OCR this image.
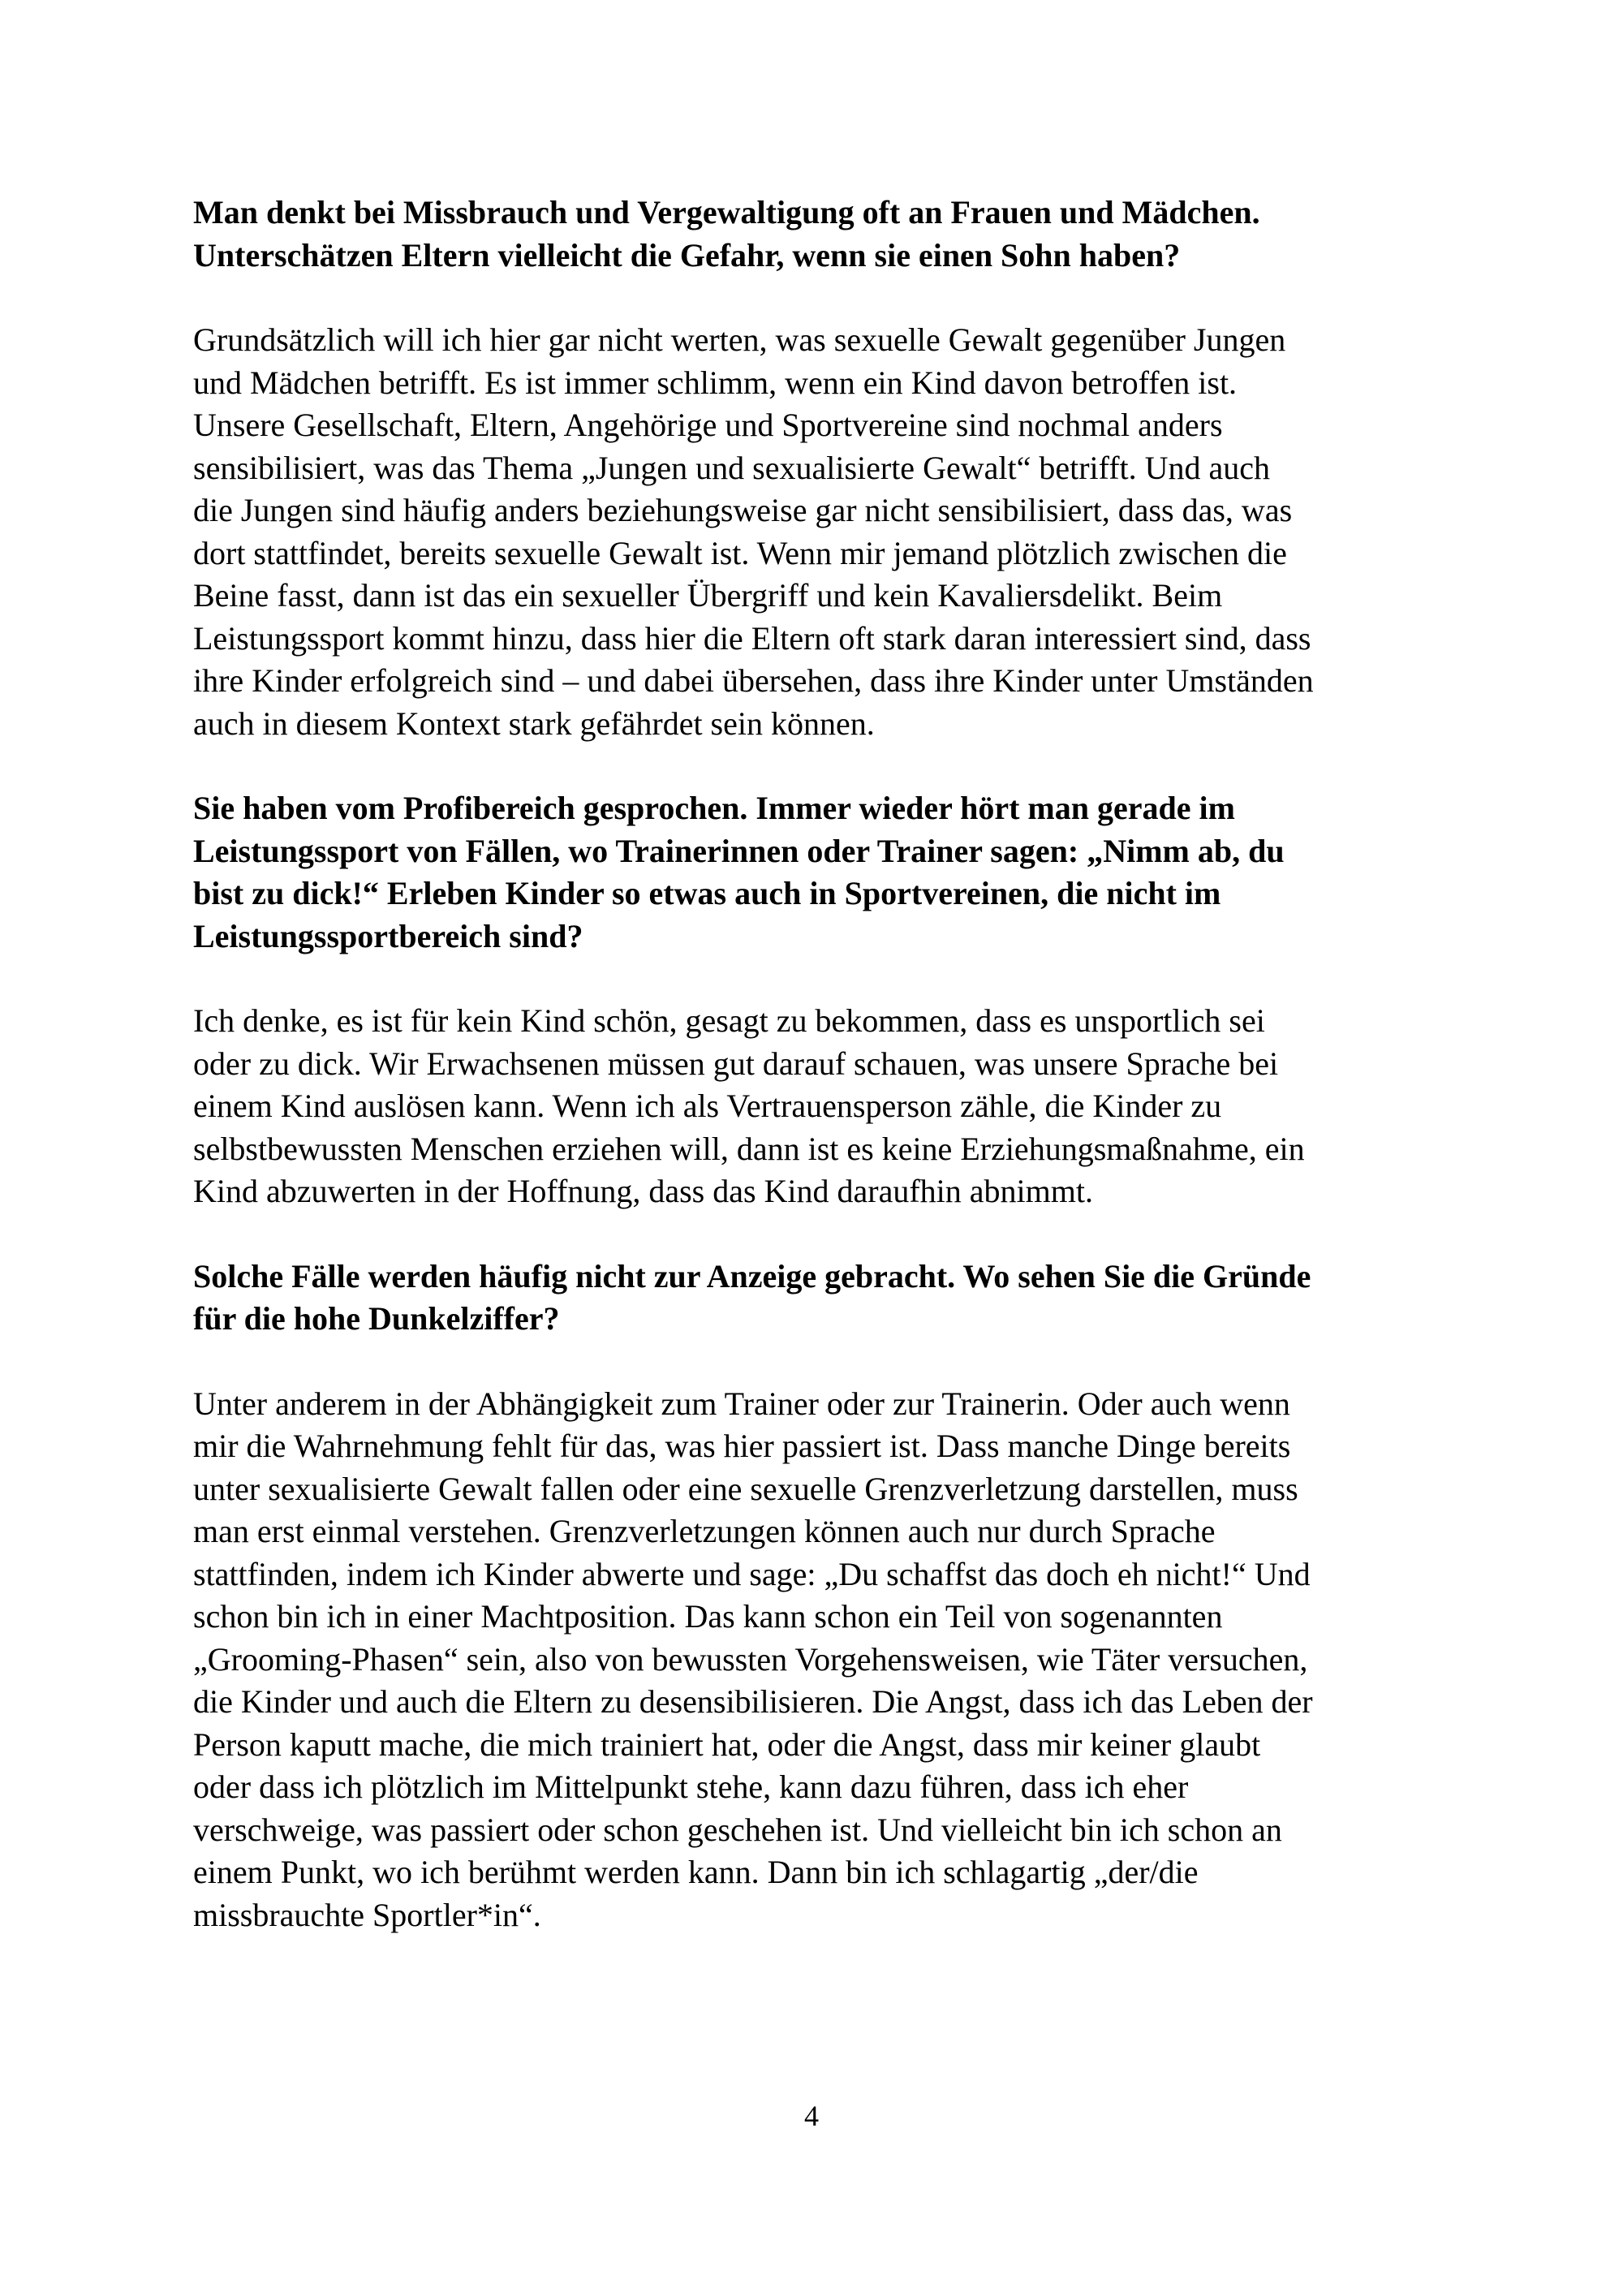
Man denkt bei Missbrauch und Vergewaltigung oft an Frauen und Mädchen.
Unterschätzen Eltern vielleicht die Gefahr, wenn sie einen Sohn haben?

Grundsätzlich will ich hier gar nicht werten, was sexuelle Gewalt gegenüber Jungen
und Mädchen betrifft. Es ist immer schlimm, wenn ein Kind davon betroffen ist.
Unsere Gesellschaft, Eltern, Angehörige und Sportvereine sind nochmal anders
sensibilisiert, was das Thema „Jungen und sexualisierte Gewalt“ betrifft. Und auch
die Jungen sind häufig anders beziehungsweise gar nicht sensibilisiert, dass das, was
dort stattfindet, bereits sexuelle Gewalt ist. Wenn mir jemand plötzlich zwischen die
Beine fasst, dann ist das ein sexueller Übergriff und kein Kavaliersdelikt. Beim
Leistungssport kommt hinzu, dass hier die Eltern oft stark daran interessiert sind, dass
ihre Kinder erfolgreich sind – und dabei übersehen, dass ihre Kinder unter Umständen
auch in diesem Kontext stark gefährdet sein können.

Sie haben vom Profibereich gesprochen. Immer wieder hört man gerade im
Leistungssport von Fällen, wo Trainerinnen oder Trainer sagen: „Nimm ab, du
bist zu dick!“ Erleben Kinder so etwas auch in Sportvereinen, die nicht im
Leistungssportbereich sind?

Ich denke, es ist für kein Kind schön, gesagt zu bekommen, dass es unsportlich sei
oder zu dick. Wir Erwachsenen müssen gut darauf schauen, was unsere Sprache bei
einem Kind auslösen kann. Wenn ich als Vertrauensperson zähle, die Kinder zu
selbstbewussten Menschen erziehen will, dann ist es keine Erziehungsmaßnahme, ein
Kind abzuwerten in der Hoffnung, dass das Kind daraufhin abnimmt.

Solche Fälle werden häufig nicht zur Anzeige gebracht. Wo sehen Sie die Gründe
für die hohe Dunkelziffer?

Unter anderem in der Abhängigkeit zum Trainer oder zur Trainerin. Oder auch wenn
mir die Wahrnehmung fehlt für das, was hier passiert ist. Dass manche Dinge bereits
unter sexualisierte Gewalt fallen oder eine sexuelle Grenzverletzung darstellen, muss
man erst einmal verstehen. Grenzverletzungen können auch nur durch Sprache
stattfinden, indem ich Kinder abwerte und sage: „Du schaffst das doch eh nicht!“ Und
schon bin ich in einer Machtposition. Das kann schon ein Teil von sogenannten
„Grooming-Phasen“ sein, also von bewussten Vorgehensweisen, wie Täter versuchen,
die Kinder und auch die Eltern zu desensibilisieren. Die Angst, dass ich das Leben der
Person kaputt mache, die mich trainiert hat, oder die Angst, dass mir keiner glaubt
oder dass ich plötzlich im Mittelpunkt stehe, kann dazu führen, dass ich eher
verschweige, was passiert oder schon geschehen ist. Und vielleicht bin ich schon an
einem Punkt, wo ich berühmt werden kann. Dann bin ich schlagartig „der/die
missbrauchte Sportler*in“.

4
